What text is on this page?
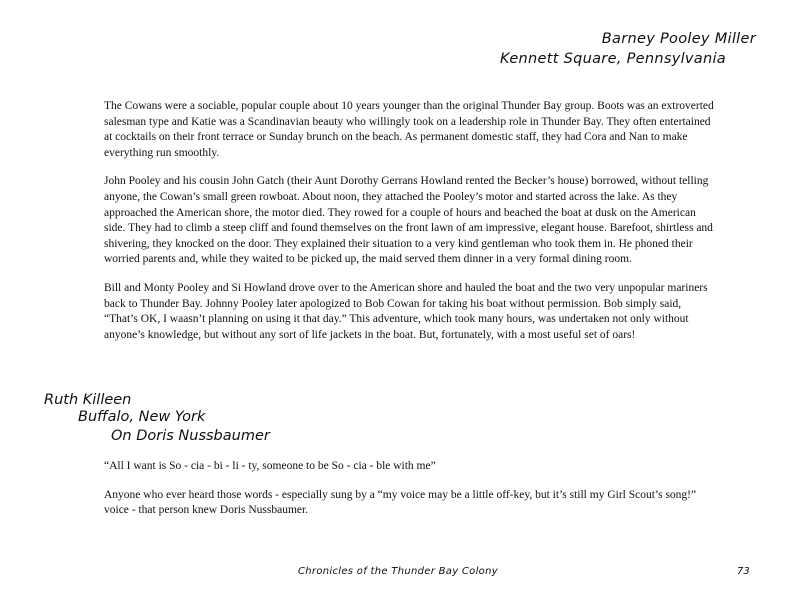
Barney Pooley Miller
Kennett Square, Pennsylvania

The Cowans were a sociable, popular couple about 10 years younger than the original Thunder Bay group. Boots was an extroverted salesman type and Katie was a Scandinavian beauty who willingly took on a leadership role in Thunder Bay. They often entertained at cocktails on their front terrace or Sunday brunch on the beach. As permanent domestic staff, they had Cora and Nan to make everything run smoothly.

John Pooley and his cousin John Gatch (their Aunt Dorothy Gerrans Howland rented the Becker’s house) borrowed, without telling anyone, the Cowan’s small green rowboat. About noon, they attached the Pooley’s motor and started across the lake. As they approached the American shore, the motor died. They rowed for a couple of hours and beached the boat at dusk on the American side. They had to climb a steep cliff and found themselves on the front lawn of am impressive, elegant house. Barefoot, shirtless and shivering, they knocked on the door. They explained their situation to a very kind gentleman who took them in. He phoned their worried parents and, while they waited to be picked up, the maid served them dinner in a very formal dining room.

Bill and Monty Pooley and Si Howland drove over to the American shore and hauled the boat and the two very unpopular mariners back to Thunder Bay. Johnny Pooley later apologized to Bob Cowan for taking his boat without permission. Bob simply said, “That’s OK, I waasn’t planning on using it that day.” This adventure, which took many hours, was undertaken not only without anyone’s knowledge, but without any sort of life jackets in the boat. But, fortunately, with a most useful set of oars!

Ruth Killeen
Buffalo, New York
On Doris Nussbaumer

“All I want is So - cia - bi - li - ty, someone to be So - cia - ble with me”

Anyone who ever heard those words - especially sung by a “my voice may be a little off-key, but it’s still my Girl Scout’s song!” voice - that person knew Doris Nussbaumer.

Chronicles of the Thunder Bay Colony	73
